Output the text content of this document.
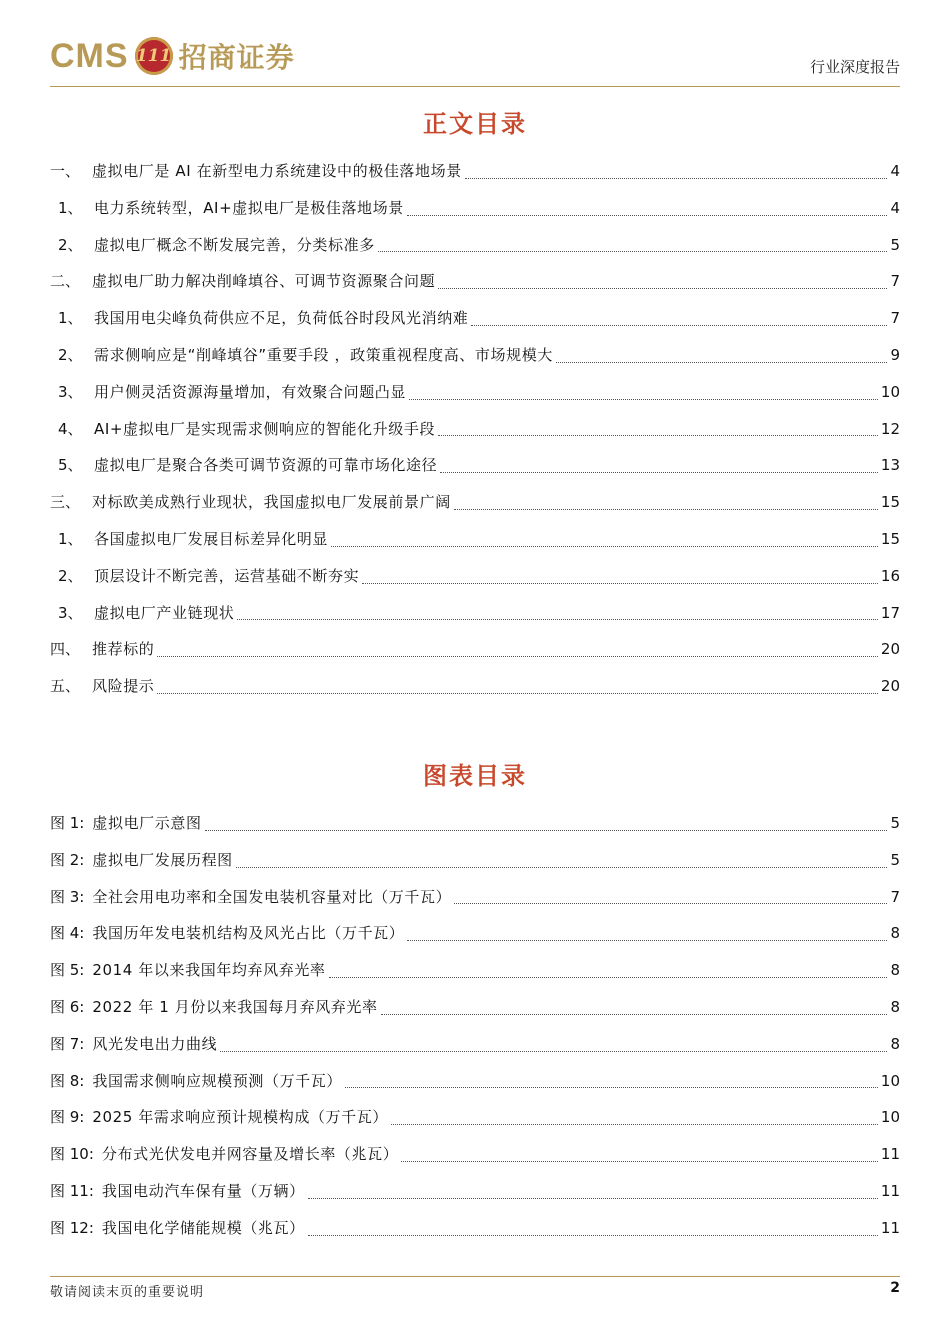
CMS 111 招商证券	行业深度报告
正文目录
一、 虚拟电厂是 AI 在新型电力系统建设中的极佳落地场景	4
1、 电力系统转型，AI+虚拟电厂是极佳落地场景	4
2、 虚拟电厂概念不断发展完善，分类标准多	5
二、 虚拟电厂助力解决削峰填谷、可调节资源聚合问题	7
1、 我国用电尖峰负荷供应不足，负荷低谷时段风光消纳难	7
2、 需求侧响应是“削峰填谷”重要手段 ，政策重视程度高、市场规模大	9
3、 用户侧灵活资源海量增加，有效聚合问题凸显	10
4、 AI+虚拟电厂是实现需求侧响应的智能化升级手段	12
5、 虚拟电厂是聚合各类可调节资源的可靠市场化途径	13
三、 对标欧美成熟行业现状，我国虚拟电厂发展前景广阔	15
1、 各国虚拟电厂发展目标差异化明显	15
2、 顶层设计不断完善，运营基础不断夯实	16
3、 虚拟电厂产业链现状	17
四、 推荐标的	20
五、 风险提示	20
图表目录
图 1: 虚拟电厂示意图	5
图 2: 虚拟电厂发展历程图	5
图 3: 全社会用电功率和全国发电装机容量对比（万千瓦）	7
图 4: 我国历年发电装机结构及风光占比（万千瓦）	8
图 5: 2014 年以来我国年均弃风弃光率	8
图 6: 2022 年 1 月份以来我国每月弃风弃光率	8
图 7: 风光发电出力曲线	8
图 8: 我国需求侧响应规模预测（万千瓦）	10
图 9: 2025 年需求响应预计规模构成（万千瓦）	10
图 10: 分布式光伏发电并网容量及增长率（兆瓦）	11
图 11: 我国电动汽车保有量（万辆）	11
图 12: 我国电化学储能规模（兆瓦）	11
敬请阅读末页的重要说明	2
